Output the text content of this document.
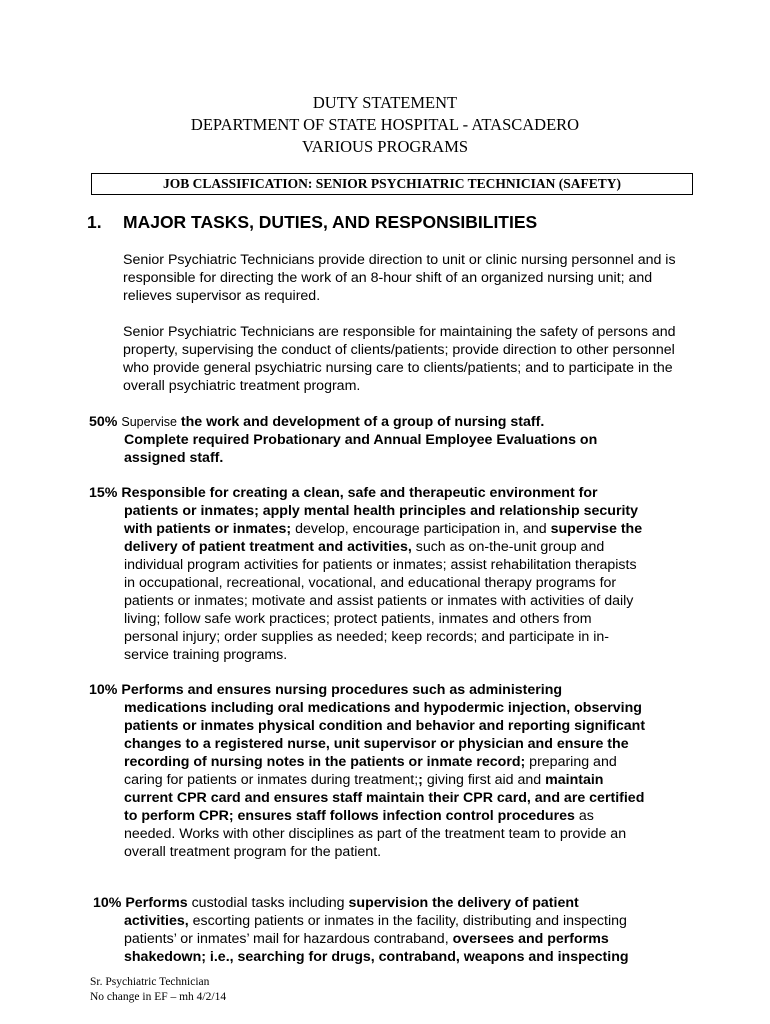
DUTY STATEMENT
DEPARTMENT OF STATE HOSPITAL - ATASCADERO
VARIOUS PROGRAMS
JOB CLASSIFICATION: SENIOR PSYCHIATRIC TECHNICIAN (SAFETY)
1. MAJOR TASKS, DUTIES, AND RESPONSIBILITIES
Senior Psychiatric Technicians provide direction to unit or clinic nursing personnel and is responsible for directing the work of an 8-hour shift of an organized nursing unit; and relieves supervisor as required.
Senior Psychiatric Technicians are responsible for maintaining the safety of persons and property, supervising the conduct of clients/patients; provide direction to other personnel who provide general psychiatric nursing care to clients/patients; and to participate in the overall psychiatric treatment program.
50% Supervise the work and development of a group of nursing staff.
Complete required Probationary and Annual Employee Evaluations on
assigned staff.
15% Responsible for creating a clean, safe and therapeutic environment for
patients or inmates; apply mental health principles and relationship security
with patients or inmates; develop, encourage participation in, and supervise the
delivery of patient treatment and activities, such as on-the-unit group and
individual program activities for patients or inmates; assist rehabilitation therapists
in occupational, recreational, vocational, and educational therapy programs for
patients or inmates; motivate and assist patients or inmates with activities of daily
living; follow safe work practices; protect patients, inmates and others from
personal injury; order supplies as needed; keep records; and participate in in-
service training programs.
10% Performs and ensures nursing procedures such as administering
medications including oral medications and hypodermic injection, observing
patients or inmates physical condition and behavior and reporting significant
changes to a registered nurse, unit supervisor or physician and ensure the
recording of nursing notes in the patients or inmate record; preparing and
caring for patients or inmates during treatment;; giving first aid and maintain
current CPR card and ensures staff maintain their CPR card, and are certified
to perform CPR; ensures staff follows infection control procedures as
needed. Works with other disciplines as part of the treatment team to provide an
overall treatment program for the patient.
10% Performs custodial tasks including supervision the delivery of patient
activities, escorting patients or inmates in the facility, distributing and inspecting
patients’ or inmates’ mail for hazardous contraband, oversees and performs
shakedown; i.e., searching for drugs, contraband, weapons and inspecting
Sr. Psychiatric Technician
No change in EF – mh 4/2/14
